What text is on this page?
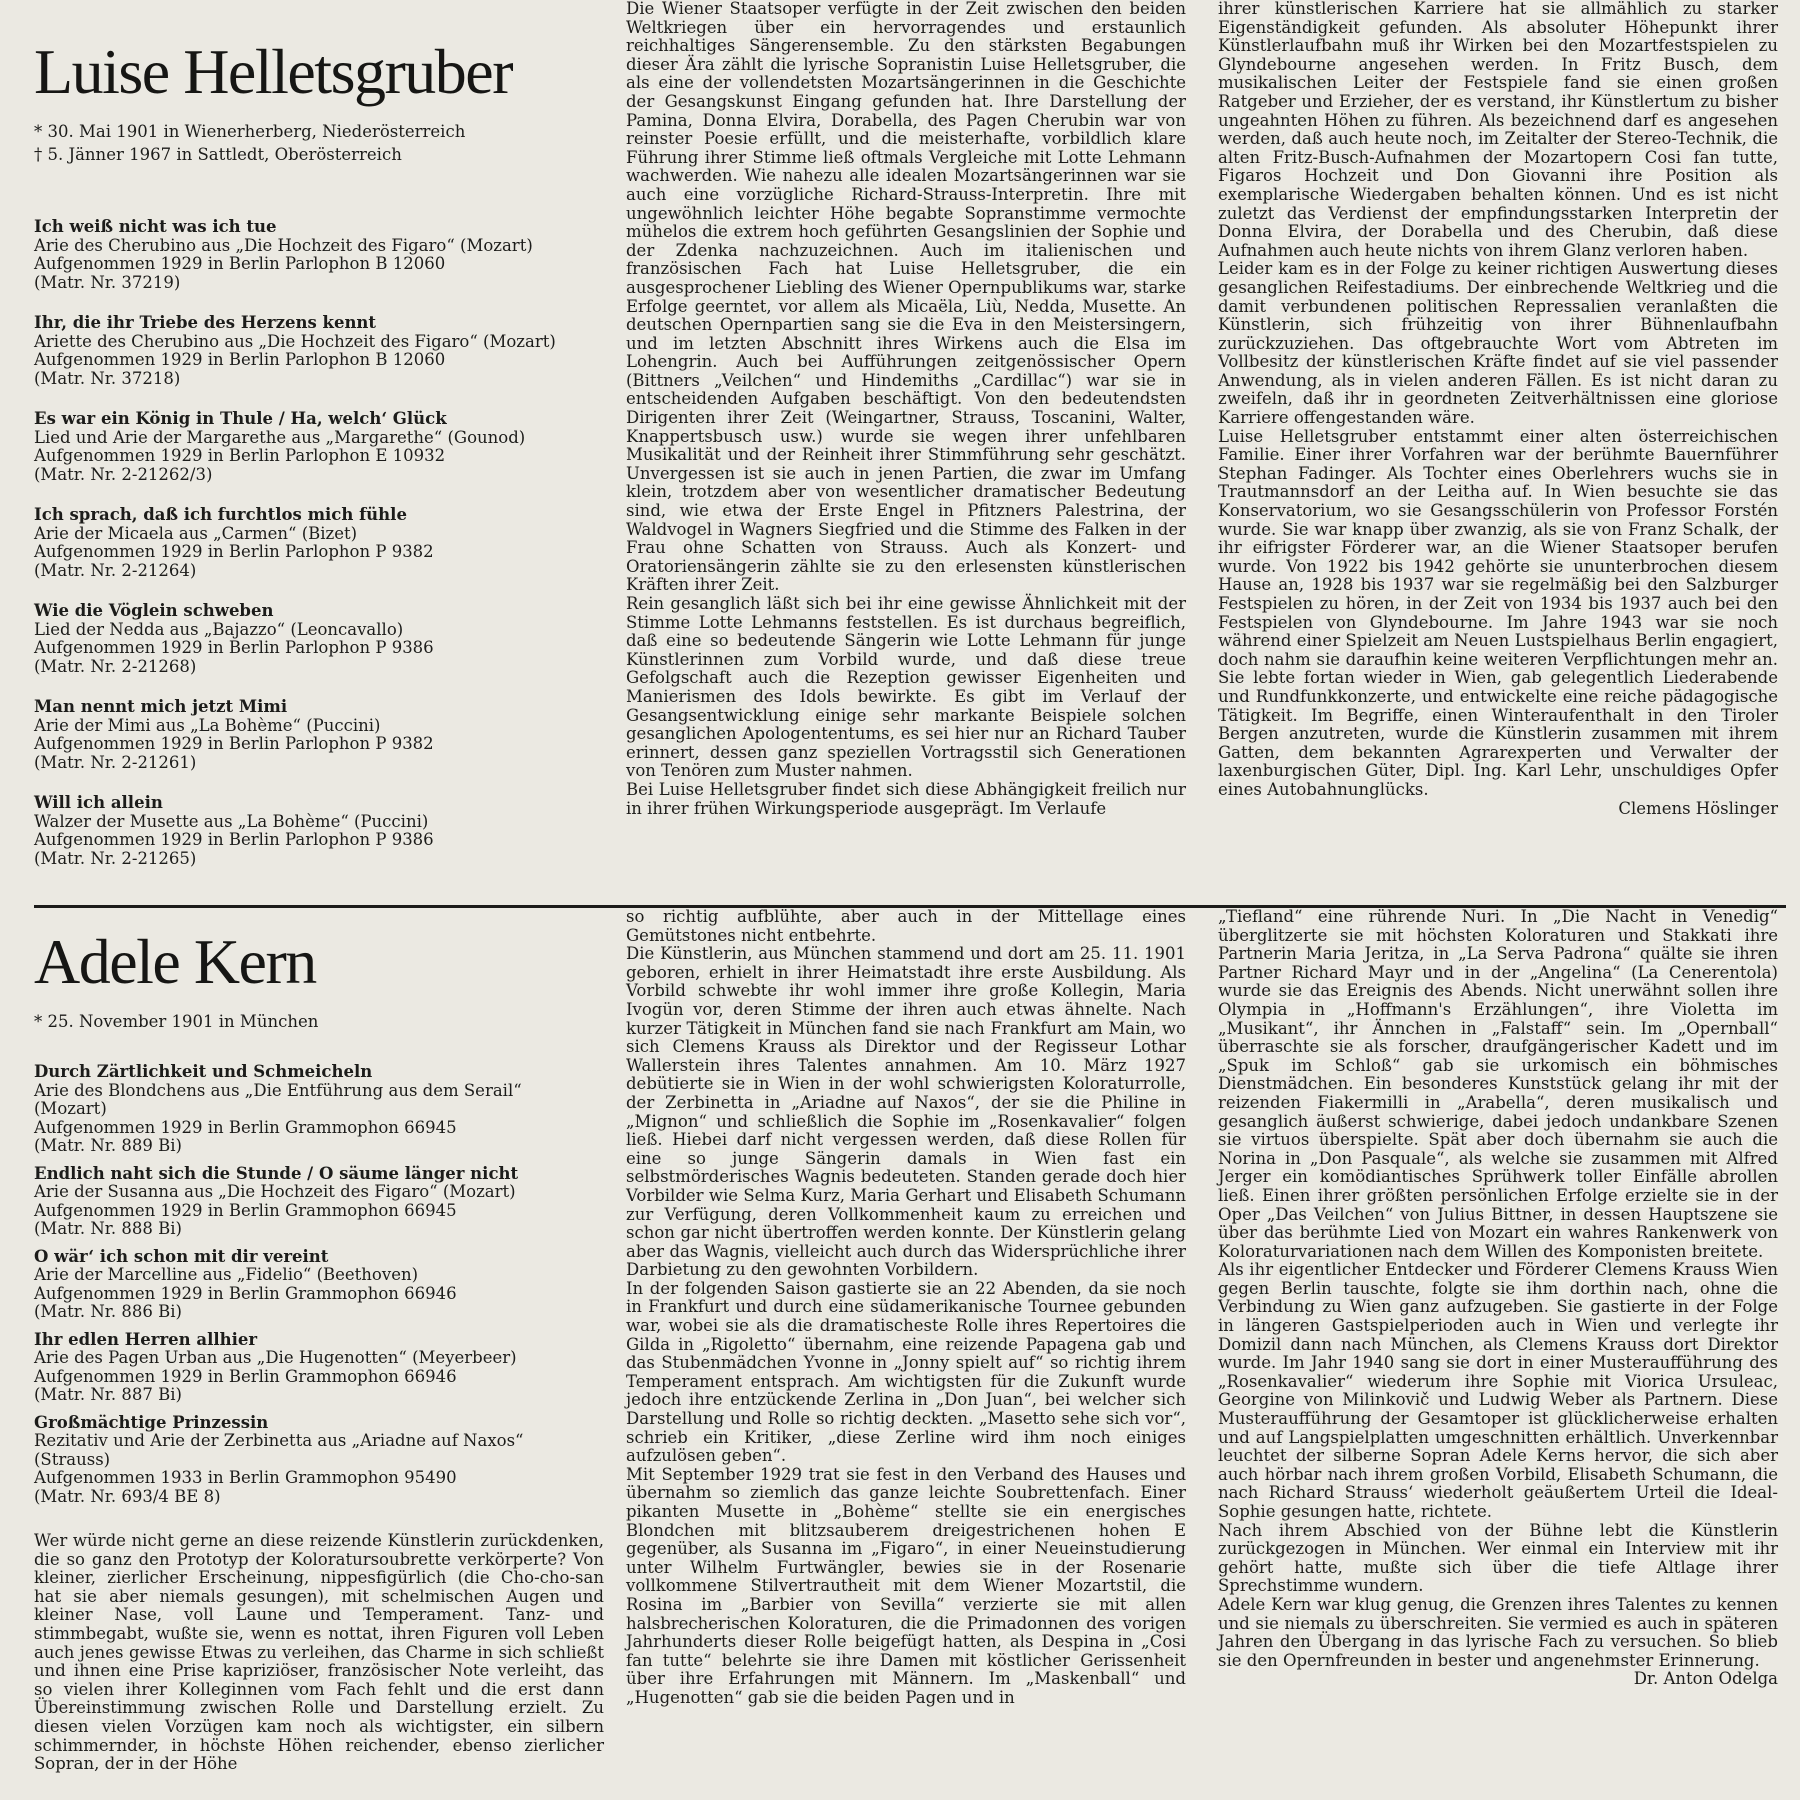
Luise Helletsgruber
* 30. Mai 1901 in Wienerherberg, Niederösterreich
† 5. Jänner 1967 in Sattledt, Oberösterreich
Ich weiß nicht was ich tue
Arie des Cherubino aus „Die Hochzeit des Figaro“ (Mozart)
Aufgenommen 1929 in Berlin Parlophon B 12060
(Matr. Nr. 37219)
Ihr, die ihr Triebe des Herzens kennt
Ariette des Cherubino aus „Die Hochzeit des Figaro“ (Mozart)
Aufgenommen 1929 in Berlin Parlophon B 12060
(Matr. Nr. 37218)
Es war ein König in Thule / Ha, welch‘ Glück
Lied und Arie der Margarethe aus „Margarethe“ (Gounod)
Aufgenommen 1929 in Berlin Parlophon E 10932
(Matr. Nr. 2-21262/3)
Ich sprach, daß ich furchtlos mich fühle
Arie der Micaela aus „Carmen“ (Bizet)
Aufgenommen 1929 in Berlin Parlophon P 9382
(Matr. Nr. 2-21264)
Wie die Vöglein schweben
Lied der Nedda aus „Bajazzo“ (Leoncavallo)
Aufgenommen 1929 in Berlin Parlophon P 9386
(Matr. Nr. 2-21268)
Man nennt mich jetzt Mimi
Arie der Mimi aus „La Bohème“ (Puccini)
Aufgenommen 1929 in Berlin Parlophon P 9382
(Matr. Nr. 2-21261)
Will ich allein
Walzer der Musette aus „La Bohème“ (Puccini)
Aufgenommen 1929 in Berlin Parlophon P 9386
(Matr. Nr. 2-21265)

Die Wiener Staatsoper verfügte in der Zeit zwischen den beiden Weltkriegen über ein hervorragendes und erstaunlich reichhaltiges Sängerensemble. Zu den stärksten Begabungen dieser Ära zählt die lyrische Sopranistin Luise Helletsgruber, die als eine der vollendetsten Mozartsängerinnen in die Geschichte der Gesangskunst Eingang gefunden hat. Ihre Darstellung der Pamina, Donna Elvira, Dorabella, des Pagen Cherubin war von reinster Poesie erfüllt, und die meisterhafte, vorbildlich klare Führung ihrer Stimme ließ oftmals Vergleiche mit Lotte Lehmann wachwerden. Wie nahezu alle idealen Mozartsängerinnen war sie auch eine vorzügliche Richard-Strauss-Interpretin. Ihre mit ungewöhnlich leichter Höhe begabte Sopranstimme vermochte mühelos die extrem hoch geführten Gesangslinien der Sophie und der Zdenka nachzuzeichnen. Auch im italienischen und französischen Fach hat Luise Helletsgruber, die ein ausgesprochener Liebling des Wiener Opernpublikums war, starke Erfolge geerntet, vor allem als Micaëla, Liù, Nedda, Musette. An deutschen Opernpartien sang sie die Eva in den Meistersingern, und im letzten Abschnitt ihres Wirkens auch die Elsa im Lohengrin. Auch bei Aufführungen zeitgenössischer Opern (Bittners „Veilchen“ und Hindemiths „Cardillac“) war sie in entscheidenden Aufgaben beschäftigt. Von den bedeutendsten Dirigenten ihrer Zeit (Weingartner, Strauss, Toscanini, Walter, Knappertsbusch usw.) wurde sie wegen ihrer unfehlbaren Musikalität und der Reinheit ihrer Stimmführung sehr geschätzt. Unvergessen ist sie auch in jenen Partien, die zwar im Umfang klein, trotzdem aber von wesentlicher dramatischer Bedeutung sind, wie etwa der Erste Engel in Pfitzners Palestrina, der Waldvogel in Wagners Siegfried und die Stimme des Falken in der Frau ohne Schatten von Strauss. Auch als Konzert- und Oratoriensängerin zählte sie zu den erlesensten künstlerischen Kräften ihrer Zeit.

Rein gesanglich läßt sich bei ihr eine gewisse Ähnlichkeit mit der Stimme Lotte Lehmanns feststellen. Es ist durchaus begreiflich, daß eine so bedeutende Sängerin wie Lotte Lehmann für junge Künstlerinnen zum Vorbild wurde, und daß diese treue Gefolgschaft auch die Rezeption gewisser Eigenheiten und Manierismen des Idols bewirkte. Es gibt im Verlauf der Gesangsentwicklung einige sehr markante Beispiele solchen gesanglichen Apologententums, es sei hier nur an Richard Tauber erinnert, dessen ganz speziellen Vortragsstil sich Generationen von Tenören zum Muster nahmen.

Bei Luise Helletsgruber findet sich diese Abhängigkeit freilich nur in ihrer frühen Wirkungsperiode ausgeprägt. Im Verlaufe

ihrer künstlerischen Karriere hat sie allmählich zu starker Eigenständigkeit gefunden. Als absoluter Höhepunkt ihrer Künstlerlaufbahn muß ihr Wirken bei den Mozartfestspielen zu Glyndebourne angesehen werden. In Fritz Busch, dem musikalischen Leiter der Festspiele fand sie einen großen Ratgeber und Erzieher, der es verstand, ihr Künstlertum zu bisher ungeahnten Höhen zu führen. Als bezeichnend darf es angesehen werden, daß auch heute noch, im Zeitalter der Stereo-Technik, die alten Fritz-Busch-Aufnahmen der Mozartopern Cosi fan tutte, Figaros Hochzeit und Don Giovanni ihre Position als exemplarische Wiedergaben behalten können. Und es ist nicht zuletzt das Verdienst der empfindungsstarken Interpretin der Donna Elvira, der Dorabella und des Cherubin, daß diese Aufnahmen auch heute nichts von ihrem Glanz verloren haben.

Leider kam es in der Folge zu keiner richtigen Auswertung dieses gesanglichen Reifestadiums. Der einbrechende Weltkrieg und die damit verbundenen politischen Repressalien veranlaßten die Künstlerin, sich frühzeitig von ihrer Bühnenlaufbahn zurückzuziehen. Das oftgebrauchte Wort vom Abtreten im Vollbesitz der künstlerischen Kräfte findet auf sie viel passender Anwendung, als in vielen anderen Fällen. Es ist nicht daran zu zweifeln, daß ihr in geordneten Zeitverhältnissen eine gloriose Karriere offengestanden wäre.

Luise Helletsgruber entstammt einer alten österreichischen Familie. Einer ihrer Vorfahren war der berühmte Bauernführer Stephan Fadinger. Als Tochter eines Oberlehrers wuchs sie in Trautmannsdorf an der Leitha auf. In Wien besuchte sie das Konservatorium, wo sie Gesangsschülerin von Professor Forstén wurde. Sie war knapp über zwanzig, als sie von Franz Schalk, der ihr eifrigster Förderer war, an die Wiener Staatsoper berufen wurde. Von 1922 bis 1942 gehörte sie ununterbrochen diesem Hause an, 1928 bis 1937 war sie regelmäßig bei den Salzburger Festspielen zu hören, in der Zeit von 1934 bis 1937 auch bei den Festspielen von Glyndebourne. Im Jahre 1943 war sie noch während einer Spielzeit am Neuen Lustspielhaus Berlin engagiert, doch nahm sie daraufhin keine weiteren Verpflichtungen mehr an. Sie lebte fortan wieder in Wien, gab gelegentlich Liederabende und Rundfunkkonzerte, und entwickelte eine reiche pädagogische Tätigkeit. Im Begriffe, einen Winteraufenthalt in den Tiroler Bergen anzutreten, wurde die Künstlerin zusammen mit ihrem Gatten, dem bekannten Agrarexperten und Verwalter der laxenburgischen Güter, Dipl. Ing. Karl Lehr, unschuldiges Opfer eines Autobahnunglücks.

Clemens Höslinger
Adele Kern
* 25. November 1901 in München
Durch Zärtlichkeit und Schmeicheln
Arie des Blondchens aus „Die Entführung aus dem Serail“
(Mozart)
Aufgenommen 1929 in Berlin Grammophon 66945
(Matr. Nr. 889 Bi)
Endlich naht sich die Stunde / O säume länger nicht
Arie der Susanna aus „Die Hochzeit des Figaro“ (Mozart)
Aufgenommen 1929 in Berlin Grammophon 66945
(Matr. Nr. 888 Bi)
O wär‘ ich schon mit dir vereint
Arie der Marcelline aus „Fidelio“ (Beethoven)
Aufgenommen 1929 in Berlin Grammophon 66946
(Matr. Nr. 886 Bi)
Ihr edlen Herren allhier
Arie des Pagen Urban aus „Die Hugenotten“ (Meyerbeer)
Aufgenommen 1929 in Berlin Grammophon 66946
(Matr. Nr. 887 Bi)
Großmächtige Prinzessin
Rezitativ und Arie der Zerbinetta aus „Ariadne auf Naxos“
(Strauss)
Aufgenommen 1933 in Berlin Grammophon 95490
(Matr. Nr. 693/4 BE 8)

Wer würde nicht gerne an diese reizende Künstlerin zurückdenken, die so ganz den Prototyp der Koloratursoubrette verkörperte? Von kleiner, zierlicher Erscheinung, nippesfigürlich (die Cho-cho-san hat sie aber niemals gesungen), mit schelmischen Augen und kleiner Nase, voll Laune und Temperament. Tanz- und stimmbegabt, wußte sie, wenn es nottat, ihren Figuren voll Leben auch jenes gewisse Etwas zu verleihen, das Charme in sich schließt und ihnen eine Prise kapriziöser, französischer Note verleiht, das so vielen ihrer Kolleginnen vom Fach fehlt und die erst dann Übereinstimmung zwischen Rolle und Darstellung erzielt. Zu diesen vielen Vorzügen kam noch als wichtigster, ein silbern schimmernder, in höchste Höhen reichender, ebenso zierlicher Sopran, der in der Höhe

so richtig aufblühte, aber auch in der Mittellage eines Gemütstones nicht entbehrte.

Die Künstlerin, aus München stammend und dort am 25. 11. 1901 geboren, erhielt in ihrer Heimatstadt ihre erste Ausbildung. Als Vorbild schwebte ihr wohl immer ihre große Kollegin, Maria Ivogün vor, deren Stimme der ihren auch etwas ähnelte. Nach kurzer Tätigkeit in München fand sie nach Frankfurt am Main, wo sich Clemens Krauss als Direktor und der Regisseur Lothar Wallerstein ihres Talentes annahmen. Am 10. März 1927 debütierte sie in Wien in der wohl schwierigsten Koloraturrolle, der Zerbinetta in „Ariadne auf Naxos“, der sie die Philine in „Mignon“ und schließlich die Sophie im „Rosenkavalier“ folgen ließ. Hiebei darf nicht vergessen werden, daß diese Rollen für eine so junge Sängerin damals in Wien fast ein selbstmörderisches Wagnis bedeuteten. Standen gerade doch hier Vorbilder wie Selma Kurz, Maria Gerhart und Elisabeth Schumann zur Verfügung, deren Vollkommenheit kaum zu erreichen und schon gar nicht übertroffen werden konnte. Der Künstlerin gelang aber das Wagnis, vielleicht auch durch das Widersprüchliche ihrer Darbietung zu den gewohnten Vorbildern.

In der folgenden Saison gastierte sie an 22 Abenden, da sie noch in Frankfurt und durch eine südamerikanische Tournee gebunden war, wobei sie als die dramatischeste Rolle ihres Repertoires die Gilda in „Rigoletto“ übernahm, eine reizende Papagena gab und das Stubenmädchen Yvonne in „Jonny spielt auf“ so richtig ihrem Temperament entsprach. Am wichtigsten für die Zukunft wurde jedoch ihre entzückende Zerlina in „Don Juan“, bei welcher sich Darstellung und Rolle so richtig deckten. „Masetto sehe sich vor“, schrieb ein Kritiker, „diese Zerline wird ihm noch einiges aufzulösen geben“.

Mit September 1929 trat sie fest in den Verband des Hauses und übernahm so ziemlich das ganze leichte Soubrettenfach. Einer pikanten Musette in „Bohème“ stellte sie ein energisches Blondchen mit blitzsauberem dreigestrichenen hohen E gegenüber, als Susanna im „Figaro“, in einer Neueinstudierung unter Wilhelm Furtwängler, bewies sie in der Rosenarie vollkommene Stilvertrautheit mit dem Wiener Mozartstil, die Rosina im „Barbier von Sevilla“ verzierte sie mit allen halsbrecherischen Koloraturen, die die Primadonnen des vorigen Jahrhunderts dieser Rolle beigefügt hatten, als Despina in „Cosi fan tutte“ belehrte sie ihre Damen mit köstlicher Gerissenheit über ihre Erfahrungen mit Männern. Im „Maskenball“ und „Hugenotten“ gab sie die beiden Pagen und in

„Tiefland“ eine rührende Nuri. In „Die Nacht in Venedig“ überglitzerte sie mit höchsten Koloraturen und Stakkati ihre Partnerin Maria Jeritza, in „La Serva Padrona“ quälte sie ihren Partner Richard Mayr und in der „Angelina“ (La Cenerentola) wurde sie das Ereignis des Abends. Nicht unerwähnt sollen ihre Olympia in „Hoffmann's Erzählungen“, ihre Violetta im „Musikant“, ihr Ännchen in „Falstaff“ sein. Im „Opernball“ überraschte sie als forscher, draufgängerischer Kadett und im „Spuk im Schloß“ gab sie urkomisch ein böhmisches Dienstmädchen. Ein besonderes Kunststück gelang ihr mit der reizenden Fiakermilli in „Arabella“, deren musikalisch und gesanglich äußerst schwierige, dabei jedoch undankbare Szenen sie virtuos überspielte. Spät aber doch übernahm sie auch die Norina in „Don Pasquale“, als welche sie zusammen mit Alfred Jerger ein komödiantisches Sprühwerk toller Einfälle abrollen ließ. Einen ihrer größten persönlichen Erfolge erzielte sie in der Oper „Das Veilchen“ von Julius Bittner, in dessen Hauptszene sie über das berühmte Lied von Mozart ein wahres Rankenwerk von Koloraturvariationen nach dem Willen des Komponisten breitete.

Als ihr eigentlicher Entdecker und Förderer Clemens Krauss Wien gegen Berlin tauschte, folgte sie ihm dorthin nach, ohne die Verbindung zu Wien ganz aufzugeben. Sie gastierte in der Folge in längeren Gastspielperioden auch in Wien und verlegte ihr Domizil dann nach München, als Clemens Krauss dort Direktor wurde. Im Jahr 1940 sang sie dort in einer Musteraufführung des „Rosenkavalier“ wiederum ihre Sophie mit Viorica Ursuleac, Georgine von Milinkovič und Ludwig Weber als Partnern. Diese Musteraufführung der Gesamtoper ist glücklicherweise erhalten und auf Langspielplatten umgeschnitten erhältlich. Unverkennbar leuchtet der silberne Sopran Adele Kerns hervor, die sich aber auch hörbar nach ihrem großen Vorbild, Elisabeth Schumann, die nach Richard Strauss‘ wiederholt geäußertem Urteil die Ideal-Sophie gesungen hatte, richtete.

Nach ihrem Abschied von der Bühne lebt die Künstlerin zurückgezogen in München. Wer einmal ein Interview mit ihr gehört hatte, mußte sich über die tiefe Altlage ihrer Sprechstimme wundern.

Adele Kern war klug genug, die Grenzen ihres Talentes zu kennen und sie niemals zu überschreiten. Sie vermied es auch in späteren Jahren den Übergang in das lyrische Fach zu versuchen. So blieb sie den Opernfreunden in bester und angenehmster Erinnerung.

Dr. Anton Odelga
